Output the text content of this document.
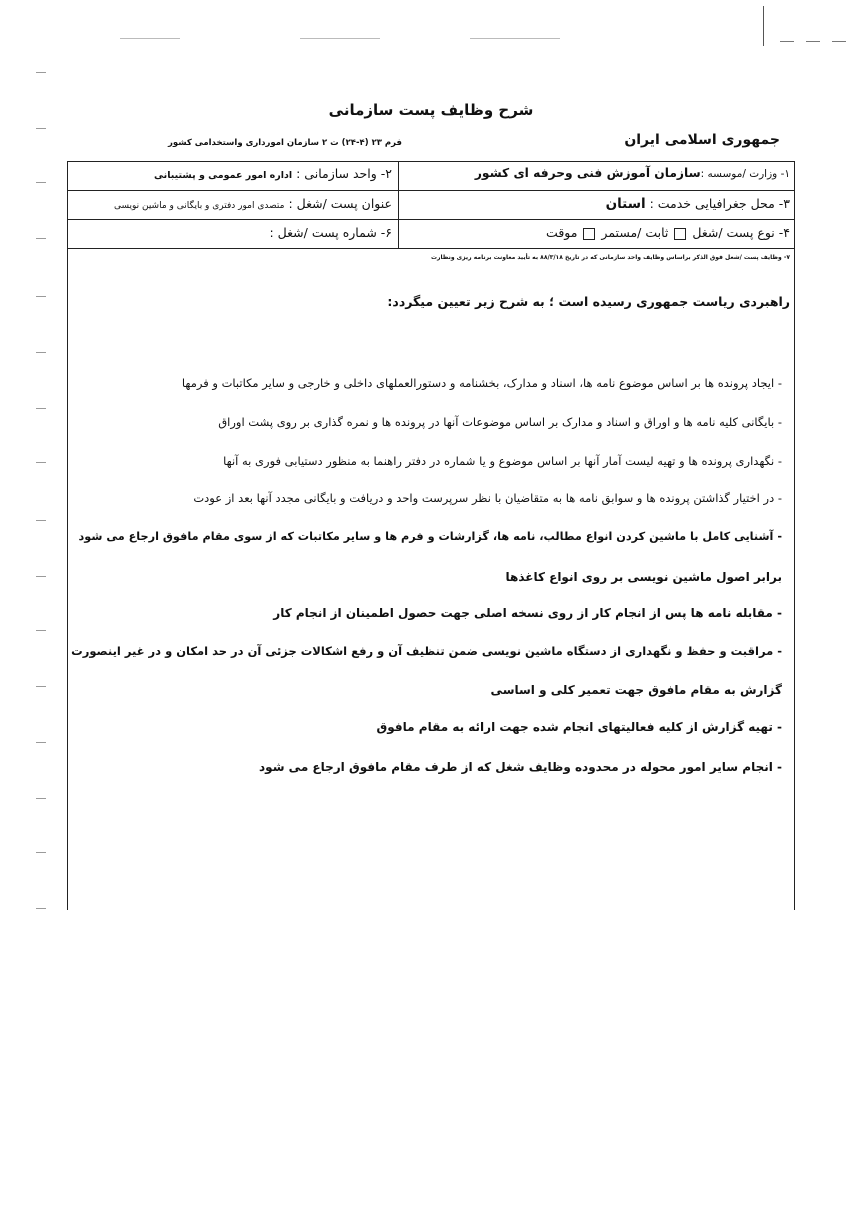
شرح وظایف پست سازمانی
جمهوری اسلامی ایران
فرم ۲۳ (۴-۲۴) ت ۲ سازمان امورداری واستخدامی کشور
۱- وزارت /موسسه :سازمان آموزش فنی وحرفه ای کشور
۲- واحد سازمانی : اداره امور عمومی و پشتیبانی
۳- محل جغرافیایی خدمت : استان
عنوان پست /شغل : متصدی امور دفتری و بایگانی و ماشین نویسی
۴- نوع پست /شغل  ثابت /مستمر  موقت
۶- شماره پست /شغل :
۷- وظایف پست /شغل فوق الذکر براساس وظایف واحد سازمانی که در تاریخ ۸۸/۳/۱۸ به تأیید معاونت برنامه ریزی ونظارت
راهبردی ریاست جمهوری رسیده است ؛ به شرح زیر تعیین میگردد:
- ایجاد پرونده ها بر اساس موضوع نامه ها، اسناد و مدارک، بخشنامه و دستورالعملهای داخلی و خارجی و سایر مکاتبات و فرمها
- بایگانی کلیه نامه ها و اوراق و اسناد و مدارک بر اساس موضوعات آنها در پرونده ها و نمره گذاری بر روی پشت اوراق
- نگهداری پرونده ها و تهیه لیست آمار آنها بر اساس موضوع و یا شماره در دفتر راهنما به منظور دستیابی فوری به آنها
- در اختیار گذاشتن پرونده ها و سوابق نامه ها به متقاضیان با نظر سرپرست واحد و دریافت و بایگانی مجدد آنها بعد از عودت
- آشنایی کامل با ماشین کردن انواع مطالب، نامه ها، گزارشات و فرم ها و سایر مکاتبات که از سوی مقام مافوق ارجاع می شود
برابر اصول ماشین نویسی بر روی انواع کاغذها
- مقابله نامه ها پس از انجام کار از روی نسخه اصلی جهت حصول اطمینان از انجام کار
- مراقبت و حفظ و نگهداری از دستگاه ماشین نویسی ضمن تنظیف آن و رفع اشکالات جزئی آن در حد امکان و در غیر اینصورت
گزارش به مقام مافوق جهت تعمیر کلی و اساسی
- تهیه گزارش از کلیه فعالیتهای انجام شده جهت ارائه به مقام مافوق
- انجام سایر امور محوله در محدوده وظایف شغل که از طرف مقام مافوق ارجاع می شود
